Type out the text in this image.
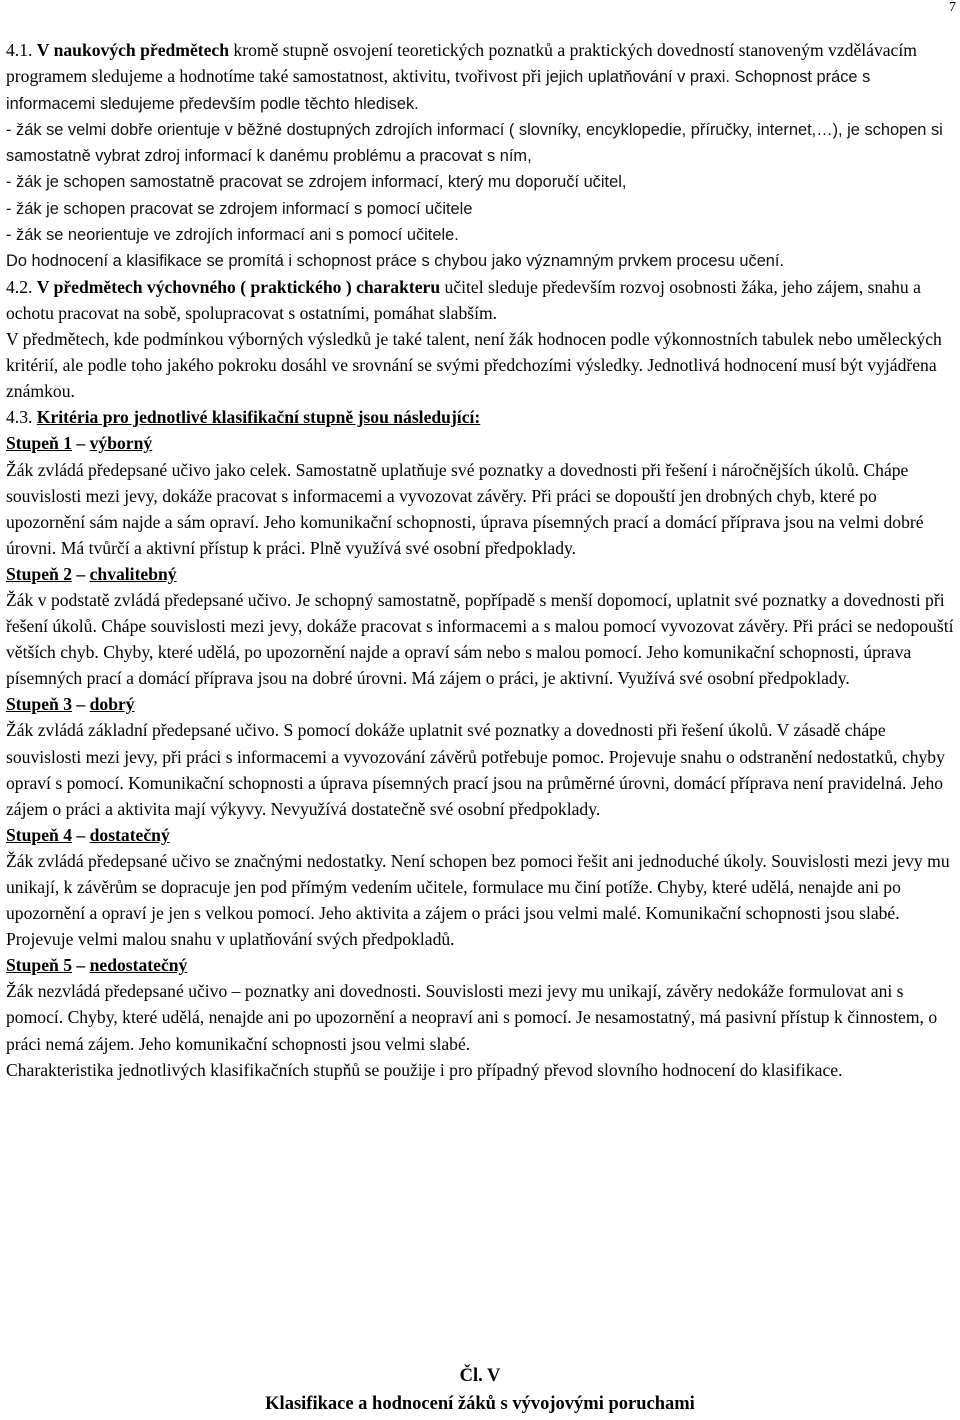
7

4.1. V naukových předmětech kromě stupně osvojení teoretických poznatků a praktických dovedností stanoveným vzdělávacím programem sledujeme a hodnotíme také samostatnost, aktivitu, tvořivost při jejich uplatňování v praxi. Schopnost práce s informacemi sledujeme především podle těchto hledisek.

- žák se velmi dobře orientuje v běžné dostupných zdrojích informací ( slovníky, encyklopedie, příručky, internet,…), je schopen si samostatně vybrat zdroj informací k danému problému a pracovat s ním,

- žák je schopen samostatně pracovat se zdrojem informací, který mu doporučí učitel,

- žák je schopen pracovat se zdrojem informací s pomocí učitele

- žák se neorientuje ve zdrojích informací ani s pomocí učitele.

Do hodnocení a klasifikace se promítá i schopnost práce s chybou jako významným prvkem procesu učení.

4.2. V předmětech výchovného ( praktického ) charakteru učitel sleduje především rozvoj osobnosti žáka, jeho zájem, snahu a ochotu pracovat na sobě, spolupracovat s ostatními, pomáhat slabším.

V předmětech, kde podmínkou výborných výsledků je také talent, není žák hodnocen podle výkonnostních tabulek nebo uměleckých kritérií, ale podle toho jakého pokroku dosáhl ve srovnání se svými předchozími výsledky. Jednotlivá hodnocení musí být vyjádřena známkou.

4.3. Kritéria pro jednotlivé klasifikační stupně jsou následující:

Stupeň 1 – výborný

Žák zvládá předepsané učivo jako celek. Samostatně uplatňuje své poznatky a dovednosti při řešení i náročnějších úkolů. Chápe souvislosti mezi jevy, dokáže pracovat s informacemi a vyvozovat závěry. Při práci se dopouští jen drobných chyb, které po upozornění sám najde a sám opraví. Jeho komunikační schopnosti, úprava písemných prací a domácí příprava jsou na velmi dobré úrovni. Má tvůrčí a aktivní přístup k práci. Plně využívá své osobní předpoklady.

Stupeň 2 – chvalitebný

Žák v podstatě zvládá předepsané učivo. Je schopný samostatně, popřípadě s menší dopomocí, uplatnit své poznatky a dovednosti při řešení úkolů. Chápe souvislosti mezi jevy, dokáže pracovat s informacemi a s malou pomocí vyvozovat závěry. Při práci se nedopouští větších chyb. Chyby, které udělá, po upozornění najde a opraví sám nebo s malou pomocí. Jeho komunikační schopnosti, úprava písemných prací a domácí příprava jsou na dobré úrovni. Má zájem o práci, je aktivní. Využívá své osobní předpoklady.

Stupeň 3 – dobrý

Žák zvládá základní předepsané učivo. S pomocí dokáže uplatnit své poznatky a dovednosti při řešení úkolů. V zásadě chápe souvislosti mezi jevy, při práci s informacemi a vyvozování závěrů potřebuje pomoc. Projevuje snahu o odstranění nedostatků, chyby opraví s pomocí. Komunikační schopnosti a úprava písemných prací jsou na průměrné úrovni, domácí příprava není pravidelná. Jeho zájem o práci a aktivita mají výkyvy. Nevyužívá dostatečně své osobní předpoklady.

Stupeň 4 – dostatečný

Žák zvládá předepsané učivo se značnými nedostatky. Není schopen bez pomoci řešit ani jednoduché úkoly. Souvislosti mezi jevy mu unikají, k závěrům se dopracuje jen pod přímým vedením učitele, formulace mu činí potíže. Chyby, které udělá, nenajde ani po upozornění a opraví je jen s velkou pomocí. Jeho aktivita a zájem o práci jsou velmi malé. Komunikační schopnosti jsou slabé. Projevuje velmi malou snahu v uplatňování svých předpokladů.

Stupeň 5 – nedostatečný

Žák nezvládá předepsané učivo – poznatky ani dovednosti. Souvislosti mezi jevy mu unikají, závěry nedokáže formulovat ani s pomocí. Chyby, které udělá, nenajde ani po upozornění a neopraví ani s pomocí. Je nesamostatný, má pasivní přístup k činnostem, o práci nemá zájem. Jeho komunikační schopnosti jsou velmi slabé.

Charakteristika jednotlivých klasifikačních stupňů se použije i pro případný převod slovního hodnocení do klasifikace.

Čl. V
Klasifikace a hodnocení žáků s vývojovými poruchami
